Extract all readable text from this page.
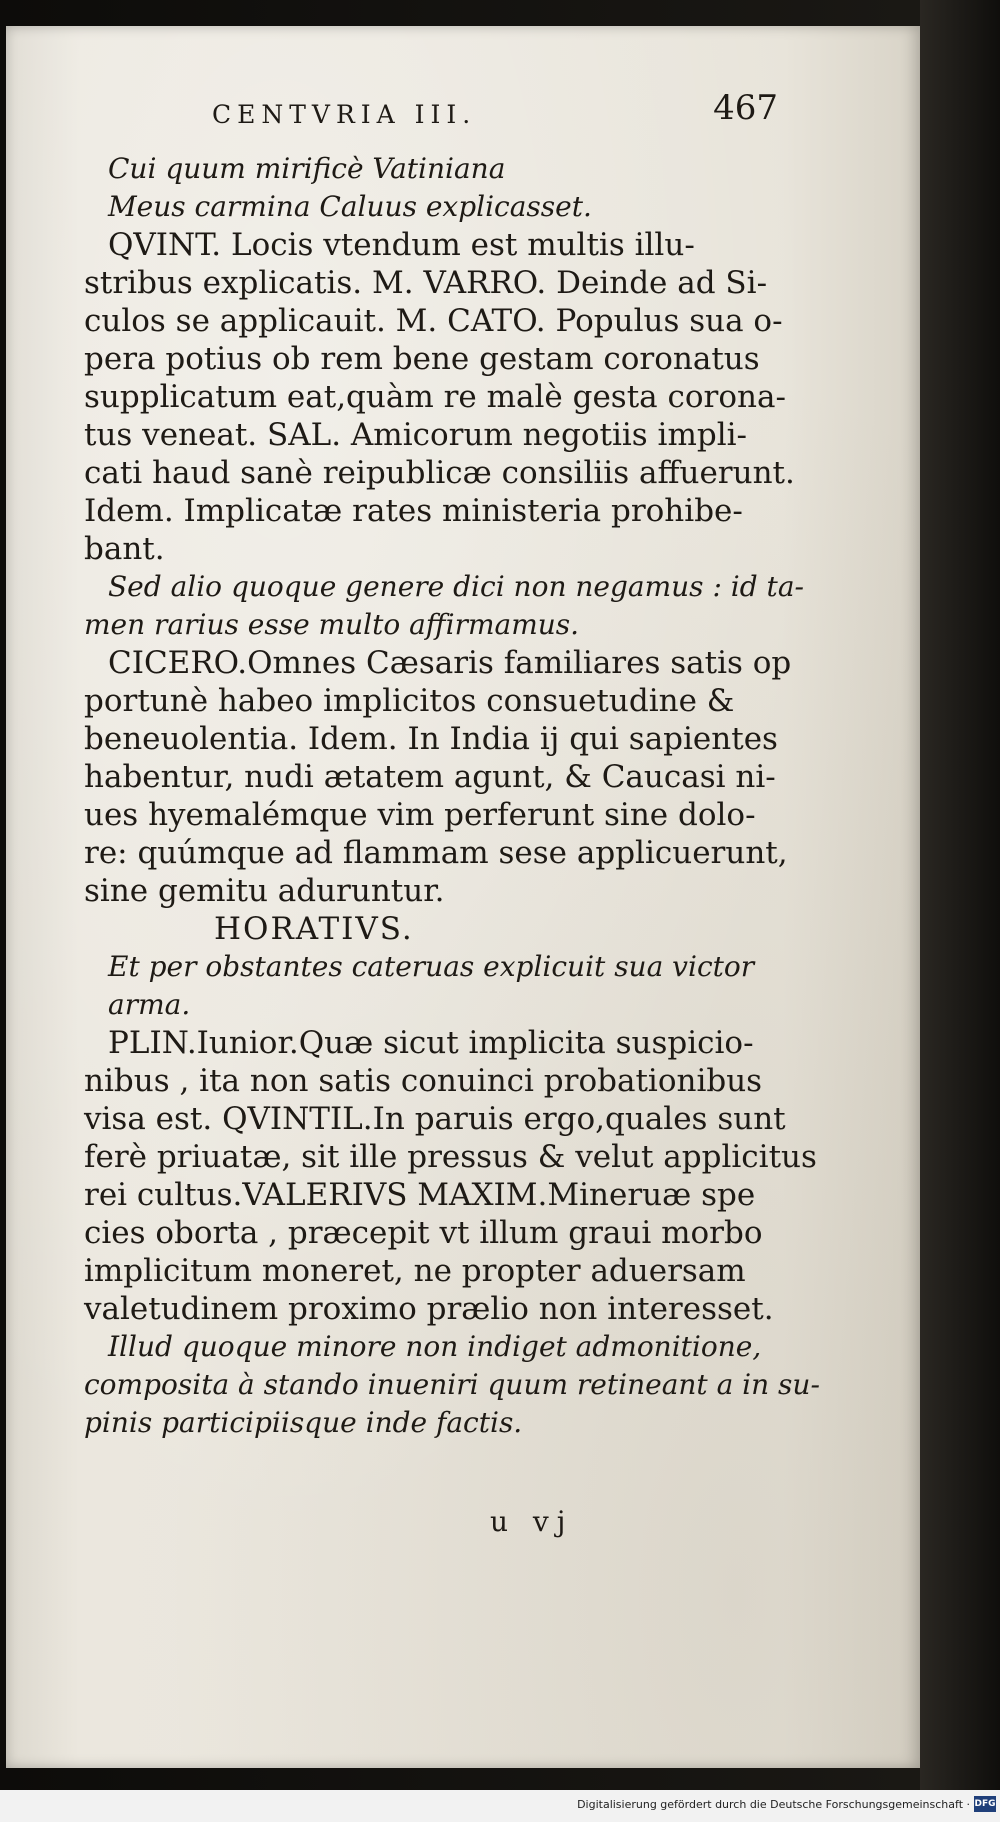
CENTVRIA III.	467
Cui quum mirificè Vatiniana
Meus carmina Caluus explicasset.
QVINT. Locis vtendum est multis illu-
stribus explicatis. M. VARRO. Deinde ad Si-
culos se applicauit. M. CATO. Populus sua o-
pera potius ob rem bene gestam coronatus
supplicatum eat,quàm re malè gesta corona-
tus veneat. SAL. Amicorum negotiis impli-
cati haud sanè reipublicæ consiliis affuerunt.
Idem. Implicatæ rates ministeria prohibe-
bant.
Sed alio quoque genere dici non negamus : id ta-
men rarius esse multo affirmamus.
CICERO.Omnes Cæsaris familiares satis op
portunè habeo implicitos consuetudine &
beneuolentia. Idem. In India ij qui sapientes
habentur, nudi ætatem agunt, & Caucasi ni-
ues hyemalémque vim perferunt sine dolo-
re: quúmque ad flammam sese applicuerunt,
sine gemitu aduruntur.
HORATIVS.
Et per obstantes cateruas explicuit sua victor
arma.
PLIN.Iunior.Quæ sicut implicita suspicio-
nibus , ita non satis conuinci probationibus
visa est. QVINTIL.In paruis ergo,quales sunt
ferè priuatæ, sit ille pressus & velut applicitus
rei cultus.VALERIVS MAXIM.Mineruæ spe
cies oborta , præcepit vt illum graui morbo
implicitum moneret, ne propter aduersam
valetudinem proximo prælio non interesset.
Illud quoque minore non indiget admonitione,
composita à stando inueniri quum retineant a in su-
pinis participiisque inde factis.
u vj
Digitalisierung gefördert durch die Deutsche Forschungsgemeinschaft · DFG
